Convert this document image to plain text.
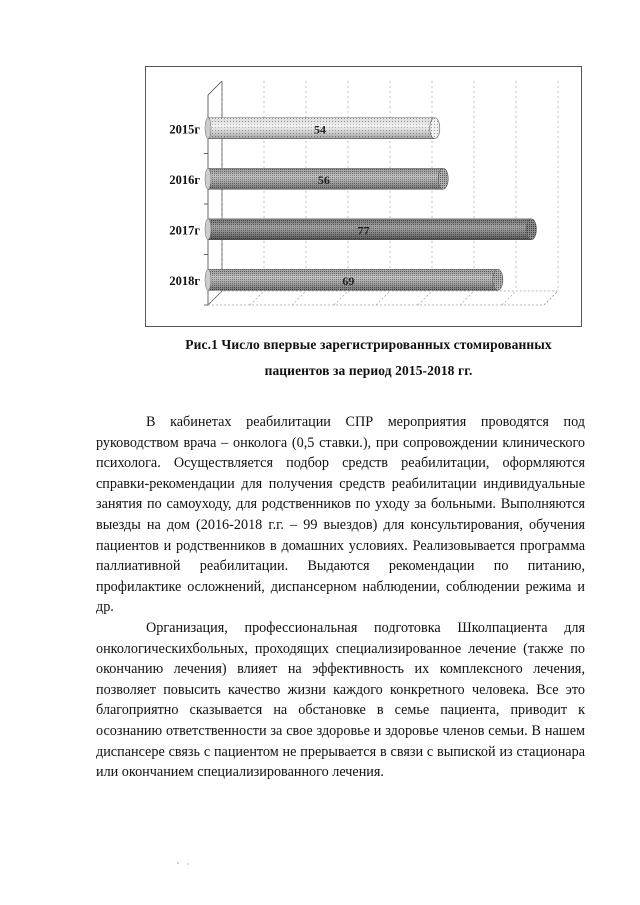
54
2015г
56
2016г
77
2017г
69
2018г
Рис.1 Число впервые зарегистрированных стомированных
пациентов за период 2015-2018 гг.

В кабинетах реабилитации СПР мероприятия проводятся под руководством врача – онколога (0,5 ставки.), при сопровождении клинического психолога. Осуществляется подбор средств реабилитации, оформляются справки-рекомендации для получения средств реабилитации индивидуальные занятия по самоуходу, для родственников по уходу за больными. Выполняются выезды на дом (2016-2018 г.г. – 99 выездов) для консультирования, обучения пациентов и родственников в домашних условиях. Реализовывается программа паллиативной реабилитации. Выдаются рекомендации по питанию, профилактике осложнений, диспансерном наблюдении, соблюдении режима и др.

Организация, профессиональная подготовка Школпациента для онкологическихбольных, проходящих специализированное лечение (также по окончанию лечения) влияет на эффективность их комплексного лечения, позволяет повысить качество жизни каждого конкретного человека. Все это благоприятно сказывается на обстановке в семье пациента, приводит к осознанию ответственности за свое здоровье и здоровье членов семьи. В нашем диспансере связь с пациентом не прерывается в связи с выпиской из стационара или окончанием специализированного лечения.
